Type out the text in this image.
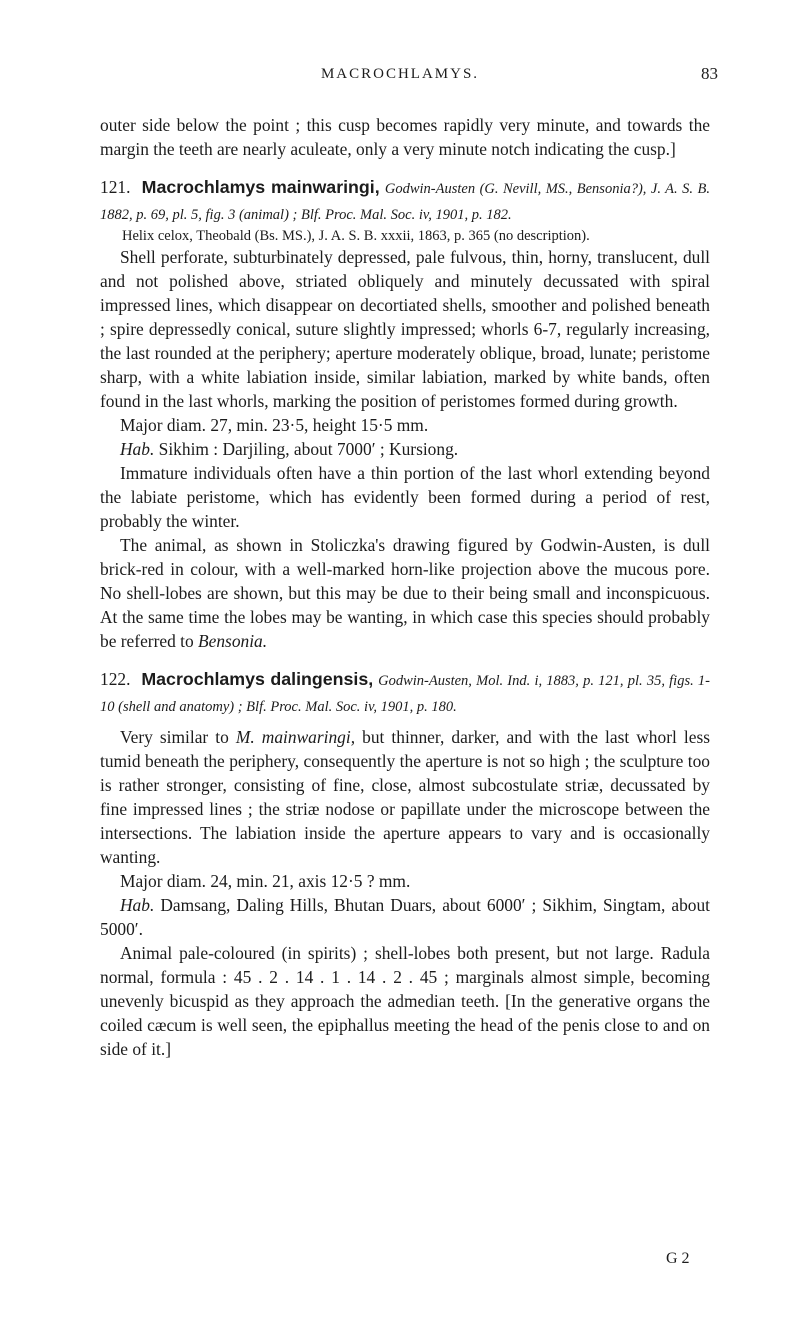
MACROCHLAMYS.	83

outer side below the point ; this cusp becomes rapidly very minute, and towards the margin the teeth are nearly aculeate, only a very minute notch indicating the cusp.]

121. Macrochlamys mainwaringi, Godwin-Austen (G. Nevill, MS., Bensonia?), J. A. S. B. 1882, p. 69, pl. 5, fig. 3 (animal) ; Blf. Proc. Mal. Soc. iv, 1901, p. 182.

Helix celox, Theobald (Bs. MS.), J. A. S. B. xxxii, 1863, p. 365 (no description).

Shell perforate, subturbinately depressed, pale fulvous, thin, horny, translucent, dull and not polished above, striated obliquely and minutely decussated with spiral impressed lines, which disappear on decortiated shells, smoother and polished beneath ; spire depressedly conical, suture slightly impressed; whorls 6-7, regularly increasing, the last rounded at the periphery; aperture moderately oblique, broad, lunate; peristome sharp, with a white labiation inside, similar labiation, marked by white bands, often found in the last whorls, marking the position of peristomes formed during growth.

Major diam. 27, min. 23·5, height 15·5 mm.

Hab. Sikhim : Darjiling, about 7000′ ; Kursiong.

Immature individuals often have a thin portion of the last whorl extending beyond the labiate peristome, which has evidently been formed during a period of rest, probably the winter.

The animal, as shown in Stoliczka's drawing figured by Godwin-Austen, is dull brick-red in colour, with a well-marked horn-like projection above the mucous pore. No shell-lobes are shown, but this may be due to their being small and inconspicuous. At the same time the lobes may be wanting, in which case this species should probably be referred to Bensonia.

122. Macrochlamys dalingensis, Godwin-Austen, Mol. Ind. i, 1883, p. 121, pl. 35, figs. 1-10 (shell and anatomy) ; Blf. Proc. Mal. Soc. iv, 1901, p. 180.

Very similar to M. mainwaringi, but thinner, darker, and with the last whorl less tumid beneath the periphery, consequently the aperture is not so high ; the sculpture too is rather stronger, consisting of fine, close, almost subcostulate striæ, decussated by fine impressed lines ; the striæ nodose or papillate under the microscope between the intersections. The labiation inside the aperture appears to vary and is occasionally wanting.

Major diam. 24, min. 21, axis 12·5 ? mm.

Hab. Damsang, Daling Hills, Bhutan Duars, about 6000′ ; Sikhim, Singtam, about 5000′.

Animal pale-coloured (in spirits) ; shell-lobes both present, but not large. Radula normal, formula : 45 . 2 . 14 . 1 . 14 . 2 . 45 ; marginals almost simple, becoming unevenly bicuspid as they approach the admedian teeth. [In the generative organs the coiled cæcum is well seen, the epiphallus meeting the head of the penis close to and on side of it.]

G 2
